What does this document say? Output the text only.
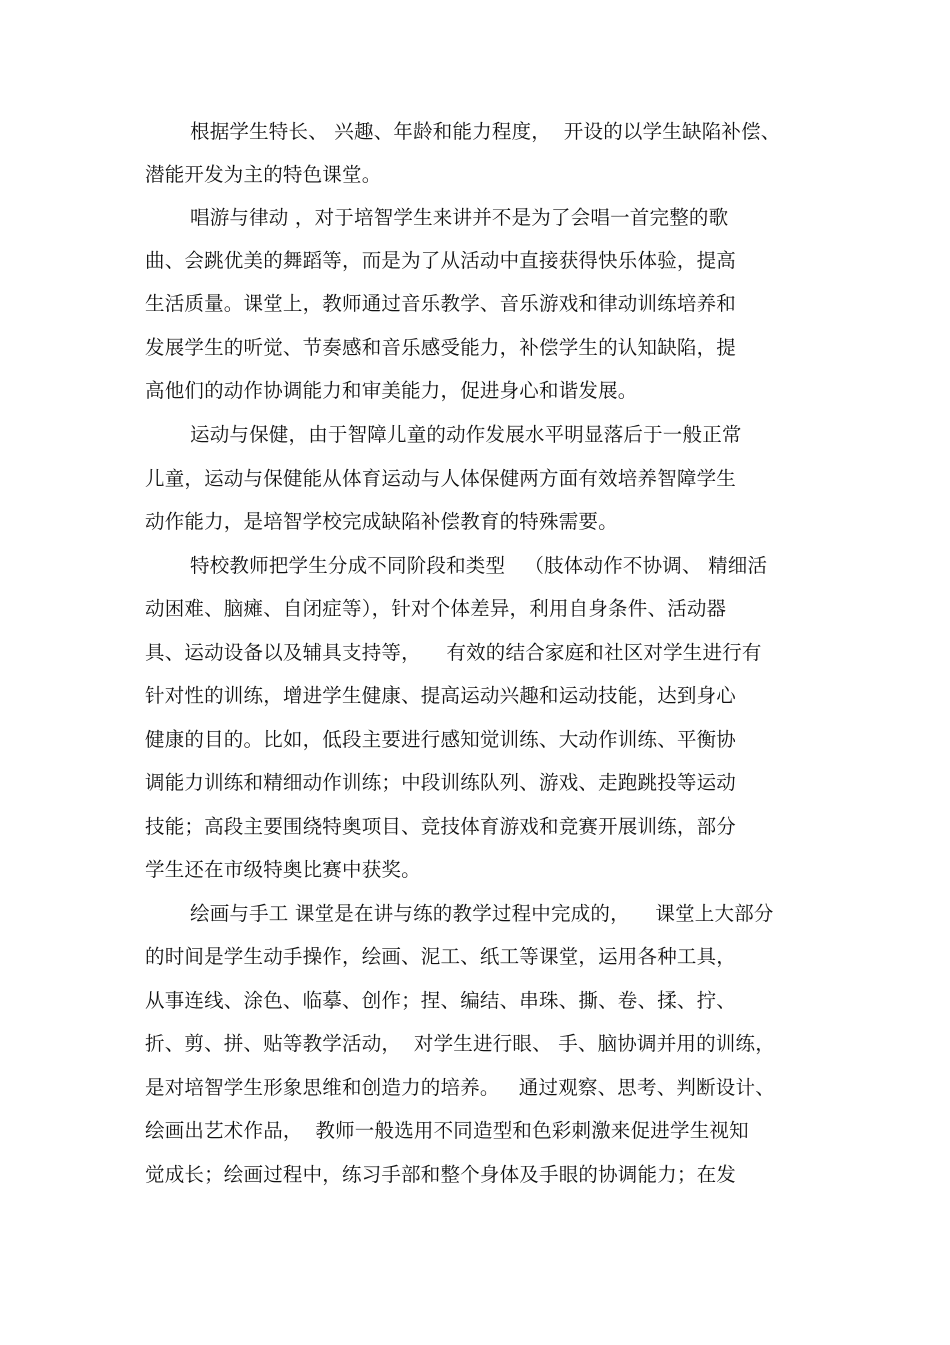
根据学生特长、 兴趣、年龄和能力程度，  开设的以学生缺陷补偿、
潜能开发为主的特色课堂。
唱游与律动 ，对于培智学生来讲并不是为了会唱一首完整的歌
曲、会跳优美的舞蹈等，而是为了从活动中直接获得快乐体验，提高
生活质量。课堂上，教师通过音乐教学、音乐游戏和律动训练培养和
发展学生的听觉、节奏感和音乐感受能力，补偿学生的认知缺陷，提
高他们的动作协调能力和审美能力，促进身心和谐发展。
运动与保健，由于智障儿童的动作发展水平明显落后于一般正常
儿童，运动与保健能从体育运动与人体保健两方面有效培养智障学生
动作能力，是培智学校完成缺陷补偿教育的特殊需要。
特校教师把学生分成不同阶段和类型   （肢体动作不协调、 精细活
动困难、脑瘫、自闭症等），针对个体差异，利用自身条件、活动器
具、运动设备以及辅具支持等，    有效的结合家庭和社区对学生进行有
针对性的训练，增进学生健康、提高运动兴趣和运动技能，达到身心
健康的目的。比如，低段主要进行感知觉训练、大动作训练、平衡协
调能力训练和精细动作训练；中段训练队列、游戏、走跑跳投等运动
技能；高段主要围绕特奥项目、竞技体育游戏和竞赛开展训练，部分
学生还在市级特奥比赛中获奖。
绘画与手工 课堂是在讲与练的教学过程中完成的，    课堂上大部分
的时间是学生动手操作，绘画、泥工、纸工等课堂，运用各种工具，
从事连线、涂色、临摹、创作；捏、编结、串珠、撕、卷、揉、拧、
折、剪、拼、贴等教学活动，  对学生进行眼、 手、脑协调并用的训练，
是对培智学生形象思维和创造力的培养。   通过观察、思考、判断设计、
绘画出艺术作品，  教师一般选用不同造型和色彩刺激来促进学生视知
觉成长；绘画过程中，练习手部和整个身体及手眼的协调能力；在发
